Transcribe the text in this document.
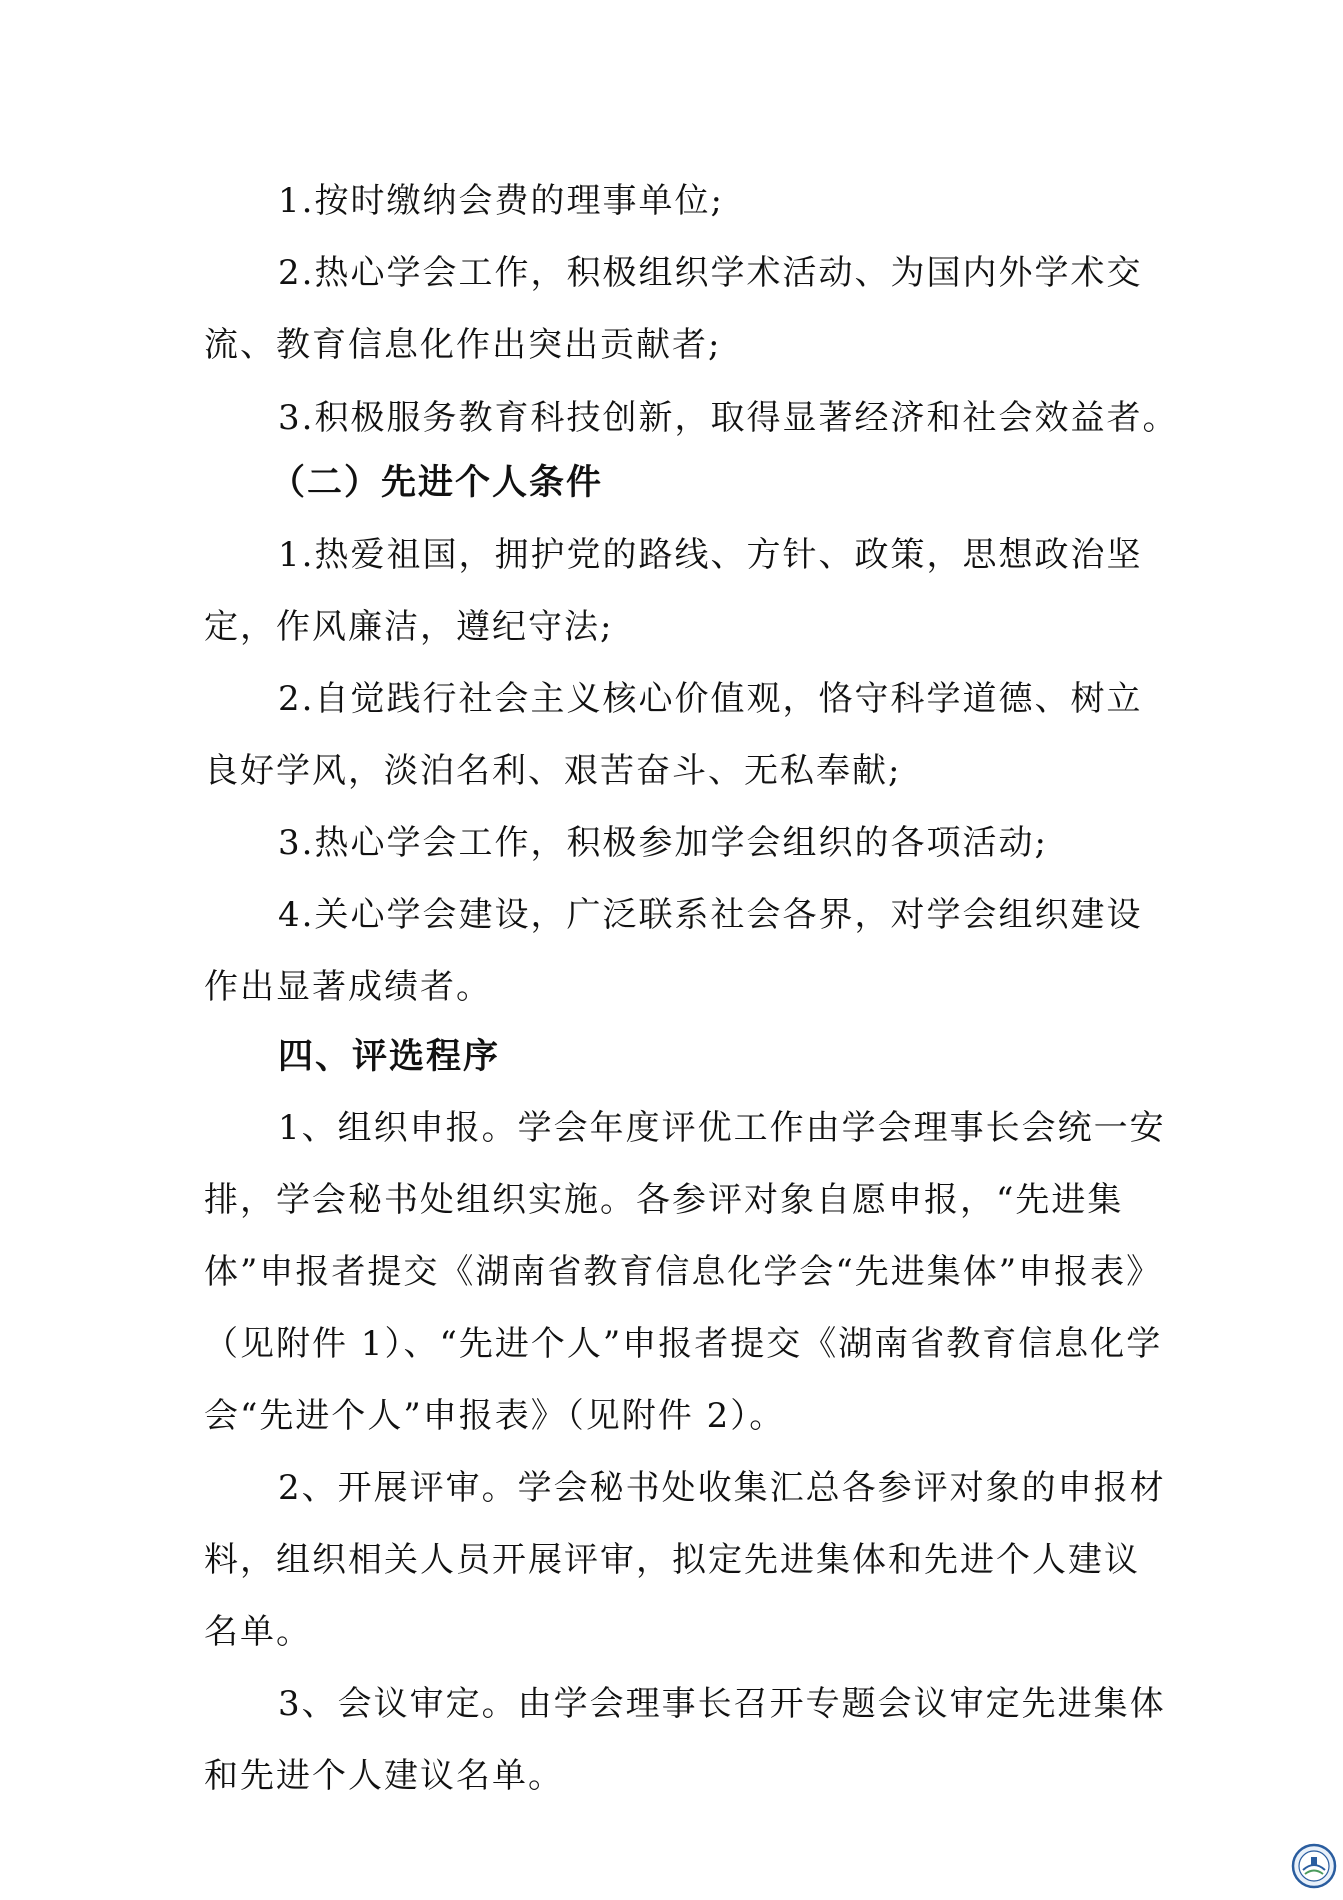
1.按时缴纳会费的理事单位;
2.热心学会工作，积极组织学术活动、为国内外学术交
流、教育信息化作出突出贡献者;
3.积极服务教育科技创新，取得显著经济和社会效益者。
（二）先进个人条件
1.热爱祖国，拥护党的路线、方针、政策，思想政治坚
定，作风廉洁，遵纪守法;
2.自觉践行社会主义核心价值观，恪守科学道德、树立
良好学风，淡泊名利、艰苦奋斗、无私奉献;
3.热心学会工作，积极参加学会组织的各项活动;
4.关心学会建设，广泛联系社会各界，对学会组织建设
作出显著成绩者。
四、评选程序
1、组织申报。学会年度评优工作由学会理事长会统一安
排，学会秘书处组织实施。各参评对象自愿申报，“先进集
体”申报者提交《湖南省教育信息化学会“先进集体”申报表》
（见附件 1）、“先进个人”申报者提交《湖南省教育信息化学
会“先进个人”申报表》（见附件 2）。
2、开展评审。学会秘书处收集汇总各参评对象的申报材
料，组织相关人员开展评审，拟定先进集体和先进个人建议
名单。
3、会议审定。由学会理事长召开专题会议审定先进集体
和先进个人建议名单。
